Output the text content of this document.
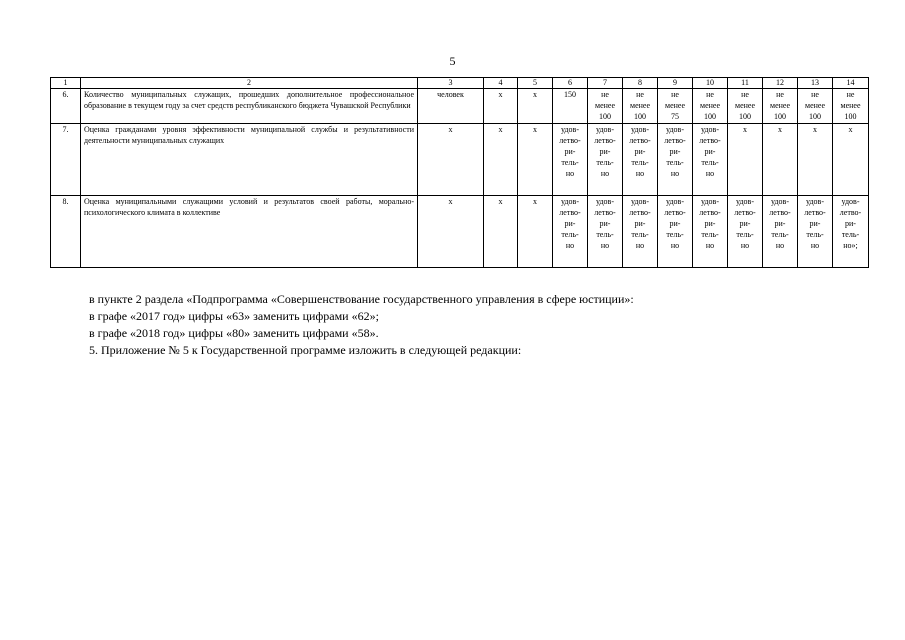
5
1	2	3	4	5	6	7	8	9	10	11	12	13	14
6.	Количество муниципальных служащих, прошедших дополнительное профессиональное образование в текущем году за счет средств республиканского бюджета Чувашской Республики	человек	x	x	150	не
менее
100	не
менее
100	не
менее
75	не
менее
100	не
менее
100	не
менее
100	не
менее
100	не
менее
100

7.	Оценка гражданами уровня эффективности муниципальной службы и результативности деятельности муниципальных служащих	x	x	x	удов-
летво-
ри-
тель-
но	удов-
летво-
ри-
тель-
но	удов-
летво-
ри-
тель-
но	удов-
летво-
ри-
тель-
но	удов-
летво-
ри-
тель-
но	x	x	x	x

8.	Оценка муниципальными служащими условий и результатов своей работы, морально-психологического климата в коллективе	x	x	x	удов-
летво-
ри-
тель-
но	удов-
летво-
ри-
тель-
но	удов-
летво-
ри-
тель-
но	удов-
летво-
ри-
тель-
но	удов-
летво-
ри-
тель-
но	удов-
летво-
ри-
тель-
но	удов-
летво-
ри-
тель-
но	удов-
летво-
ри-
тель-
но	удов-
летво-
ри-
тель-
но»;

в пункте 2 раздела «Подпрограмма «Совершенствование государственного управления в сфере юстиции»:

в графе «2017 год» цифры «63» заменить цифрами «62»;

в графе «2018 год» цифры «80» заменить цифрами «58».

5. Приложение № 5 к Государственной программе изложить в следующей редакции:
